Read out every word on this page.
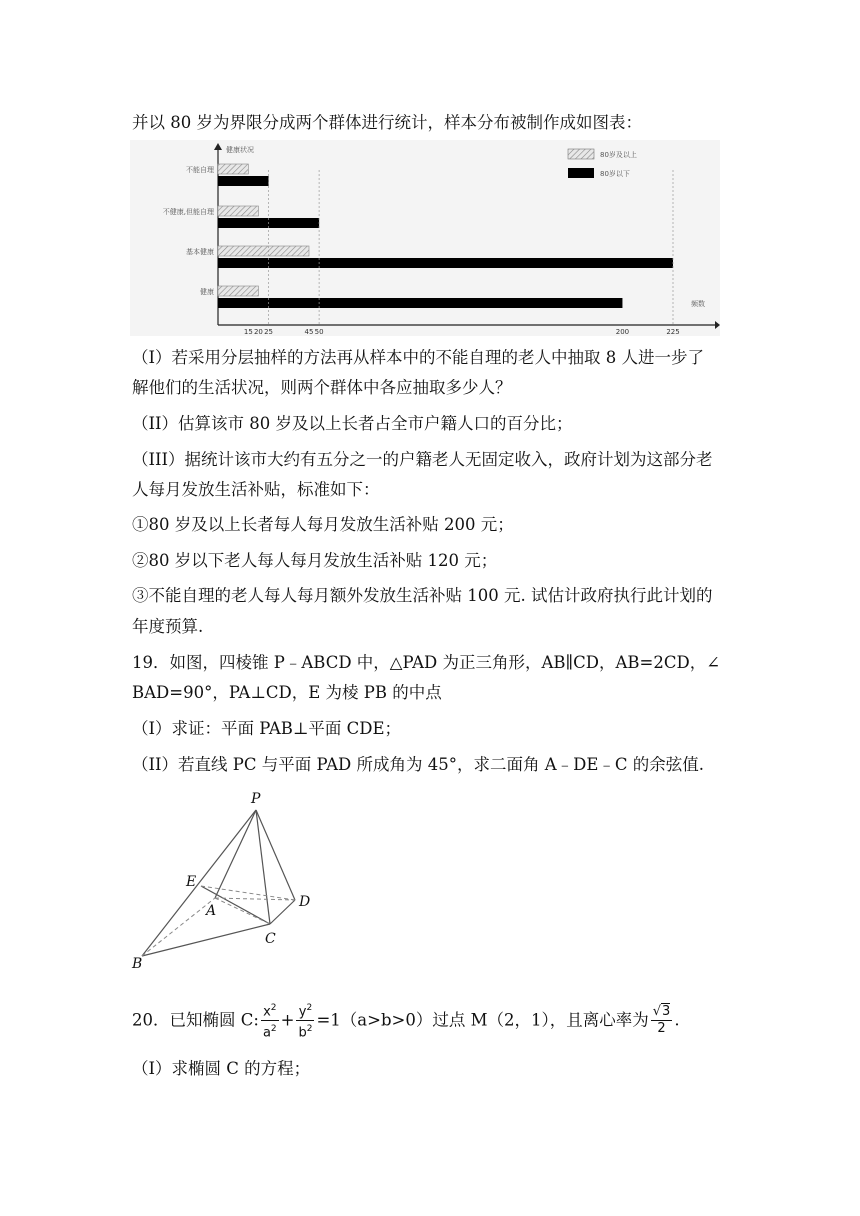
并以 80 岁为界限分成两个群体进行统计，样本分布被制作成如图表：
健康状况
频数
不能自理
不健康,但能自理
基本健康
健康
15 20 25	45 50	200	225
80岁及以上
80岁以下
（I）若采用分层抽样的方法再从样本中的不能自理的老人中抽取 8 人进一步了
解他们的生活状况，则两个群体中各应抽取多少人？
（II）估算该市 80 岁及以上长者占全市户籍人口的百分比；
（III）据统计该市大约有五分之一的户籍老人无固定收入，政府计划为这部分老
人每月发放生活补贴，标准如下：
①80 岁及以上长者每人每月发放生活补贴 200 元；
②80 岁以下老人每人每月发放生活补贴 120 元；
③不能自理的老人每人每月额外发放生活补贴 100 元. 试估计政府执行此计划的
年度预算.
19．如图，四棱锥 P﹣ABCD 中，△PAD 为正三角形，AB∥CD，AB=2CD，∠
BAD=90°，PA⊥CD，E 为棱 PB 的中点
（I）求证：平面 PAB⊥平面 CDE；
（II）若直线 PC 与平面 PAD 所成角为 45°，求二面角 A﹣DE﹣C 的余弦值.
P
E
A
D
C
B
20．已知椭圆 C: $\frac{x^2}{a^2} + \frac{y^2}{b^2} =1(a>b>0)$过点 M（2，1），且离心率为 $\frac{√3}{2}$ .
（I）求椭圆 C 的方程；
